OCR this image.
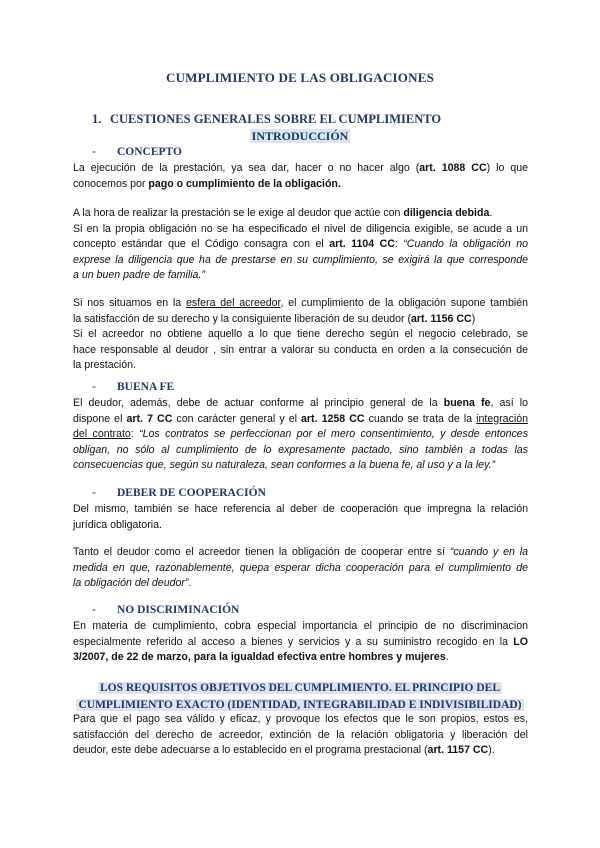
CUMPLIMIENTO DE LAS OBLIGACIONES
1. CUESTIONES GENERALES SOBRE EL CUMPLIMIENTO
INTRODUCCIÓN
- CONCEPTO
La ejecución de la prestación, ya sea dar, hacer o no hacer algo (art. 1088 CC) lo que
conocemos por pago o cumplimiento de la obligación.
A la hora de realizar la prestación se le exige al deudor que actúe con diligencia debida.
Si en la propia obligación no se ha especificado el nivel de diligencia exigible, se acude a un
concepto estándar que el Código consagra con el art. 1104 CC: “Cuando la obligación no
exprese la diligencia que ha de prestarse en su cumplimiento, se exigirá la que corresponde
a un buen padre de familia.”
Si nos situamos en la esfera del acreedor, el cumplimiento de la obligación supone también
la satisfacción de su derecho y la consiguiente liberación de su deudor (art. 1156 CC)
Si el acreedor no obtiene aquello a lo que tiene derecho según el negocio celebrado, se
hace responsable al deudor , sin entrar a valorar su conducta en orden a la consecución de
la prestación.
- BUENA FE
El deudor, además, debe de actuar conforme al principio general de la buena fe, así lo
dispone el art. 7 CC con carácter general y el art. 1258 CC cuando se trata de la integración
del contrato: “Los contratos se perfeccionan por el mero consentimiento, y desde entonces
obligan, no sólo al cumplimiento de lo expresamente pactado, sino también a todas las
consecuencias que, según su naturaleza, sean conformes a la buena fe, al uso y a la ley.”
- DEBER DE COOPERACIÓN
Del mismo, también se hace referencia al deber de cooperación que impregna la relación
jurídica obligatoria.
Tanto el deudor como el acreedor tienen la obligación de cooperar entre sí “cuando y en la
medida en que, razonablemente, quepa esperar dicha cooperación para el cumplimiento de
la obligación del deudor”.
- NO DISCRIMINACIÓN
En materia de cumplimiento, cobra especial importancia el principio de no discriminacion
especialmente referido al acceso a bienes y servicios y a su suministro recogido en la LO
3/2007, de 22 de marzo, para la igualdad efectiva entre hombres y mujeres.
LOS REQUISITOS OBJETIVOS DEL CUMPLIMIENTO. EL PRINCIPIO DEL
CUMPLIMIENTO EXACTO (IDENTIDAD, INTEGRABILIDAD E INDIVISIBILIDAD)
Para que el pago sea válido y eficaz, y provoque los efectos que le son propios, estos es,
satisfacción del derecho de acreedor, extinción de la relación obligatoria y liberación del
deudor, este debe adecuarse a lo establecido en el programa prestacional (art. 1157 CC).
